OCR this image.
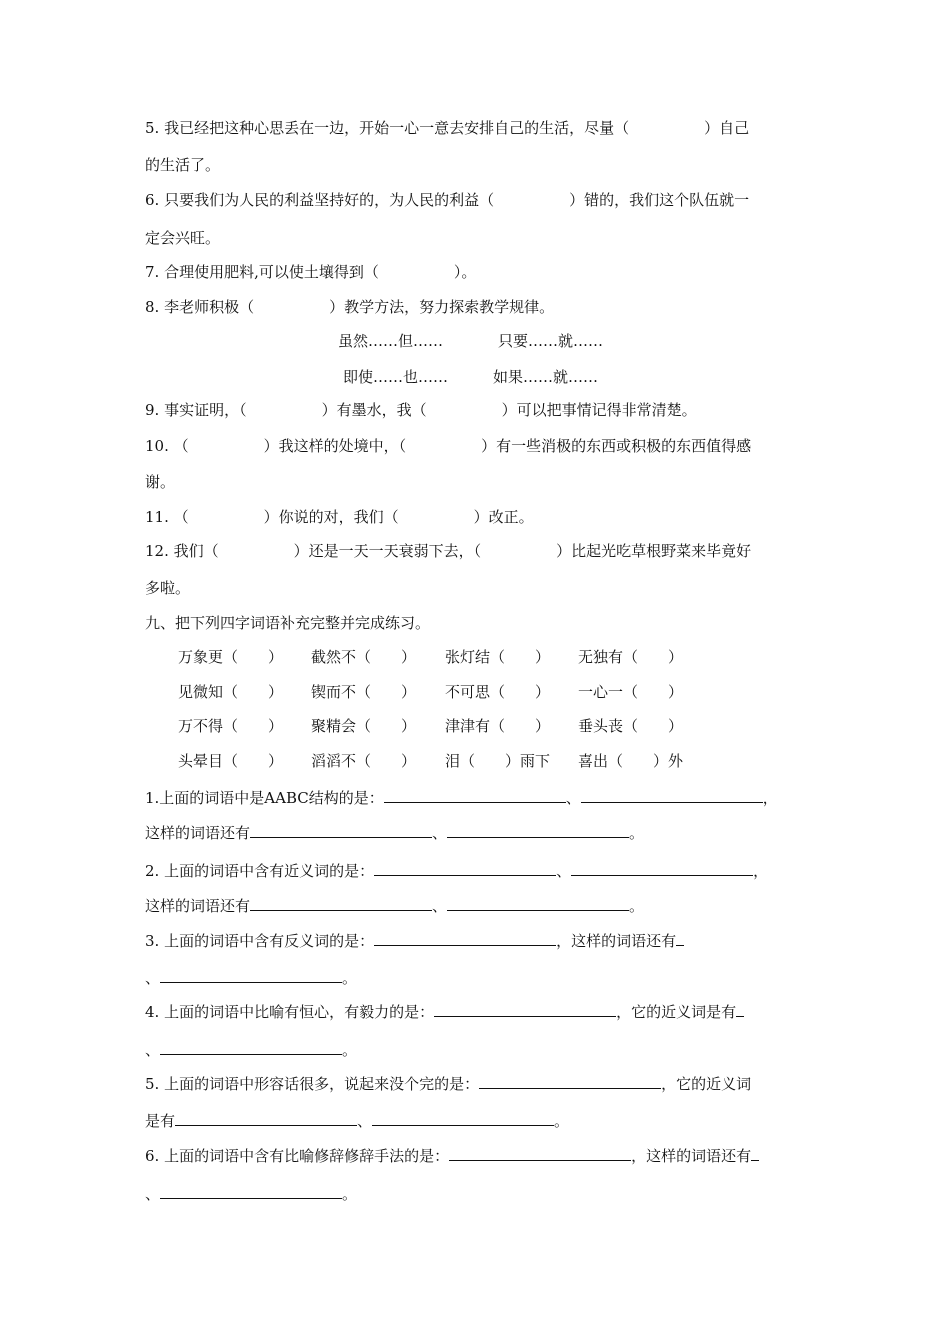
5. 我已经把这种心思丢在一边，开始一心一意去安排自己的生活，尽量（　　　　　）自己
的生活了。
6. 只要我们为人民的利益坚持好的，为人民的利益（　　　　　）错的，我们这个队伍就一
定会兴旺。
7. 合理使用肥料,可以使土壤得到（　　　　　）。
8. 李老师积极（　　　　　）教学方法，努力探索教学规律。
虽然……但……	只要……就……
即使……也……	如果……就……
9. 事实证明，（　　　　　）有墨水，我（　　　　　）可以把事情记得非常清楚。
10. （　　　　　）我这样的处境中，（　　　　　）有一些消极的东西或积极的东西值得感
谢。
11. （　　　　　）你说的对，我们（　　　　　）改正。
12. 我们（　　　　　）还是一天一天衰弱下去，（　　　　　）比起光吃草根野菜来毕竟好
多啦。
九、把下列四字词语补充完整并完成练习。
万象更（　　） 截然不（　　） 张灯结（　　） 无独有（　　）
见微知（　　） 锲而不（　　） 不可思（　　） 一心一（　　）
万不得（　　） 聚精会（　　） 津津有（　　） 垂头丧（　　）
头晕目（　　） 滔滔不（　　） 泪（　　）雨下 喜出（　　）外
1.上面的词语中是AABC结构的是：	、	，
这样的词语还有	、	。
2. 上面的词语中含有近义词的是：	、	，
这样的词语还有	、	。
3. 上面的词语中含有反义词的是：	，这样的词语还有
、	。
4. 上面的词语中比喻有恒心，有毅力的是：	，它的近义词是有
、	。
5. 上面的词语中形容话很多，说起来没个完的是：	，它的近义词
是有	、	。
6. 上面的词语中含有比喻修辞修辞手法的是：	，这样的词语还有
、	。
